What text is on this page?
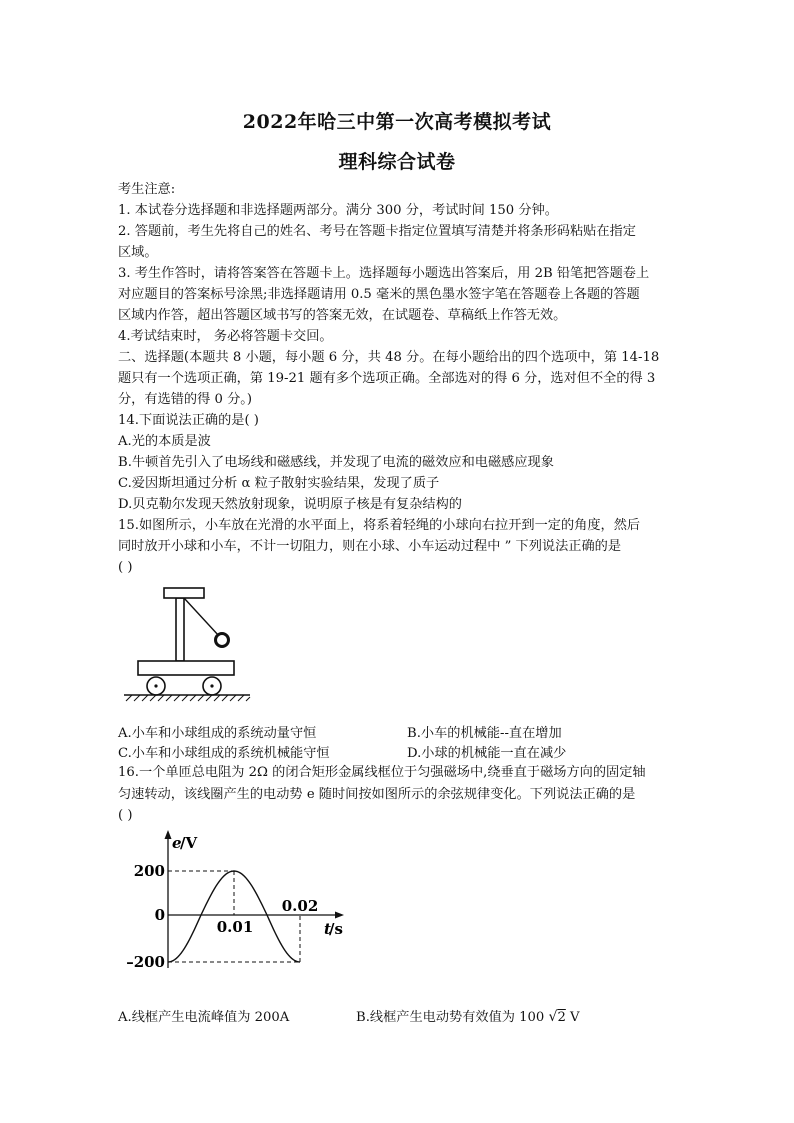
2022年哈三中第一次高考模拟考试
理科综合试卷
考生注意:
1. 本试卷分选择题和非选择题两部分。满分 300 分，考试时间 150 分钟。
2. 答题前，考生先将自己的姓名、考号在答题卡指定位置填写清楚并将条形码粘贴在指定
区域。
3. 考生作答时，请将答案答在答题卡上。选择题每小题选出答案后，用 2B 铅笔把答题卷上
对应题目的答案标号涂黑;非选择题请用 0.5 毫米的黑色墨水签字笔在答题卷上各题的答题
区域内作答，超出答题区域书写的答案无效，在试题卷、草稿纸上作答无效。
4.考试结束时， 务必将答题卡交回。
二、选择题(本题共 8 小题，每小题 6 分，共 48 分。在每小题给出的四个选项中，第 14-18
题只有一个选项正确，第 19-21 题有多个选项正确。全部选对的得 6 分，选对但不全的得 3
分，有选错的得 0 分。)
14.下面说法正确的是( )
A.光的本质是波
B.牛顿首先引入了电场线和磁感线，并发现了电流的磁效应和电磁感应现象
C.爱因斯坦通过分析 α 粒子散射实验结果，发现了质子
D.贝克勒尔发现天然放射现象，说明原子核是有复杂结构的
15.如图所示，小车放在光滑的水平面上，将系着轻绳的小球向右拉开到一定的角度，然后
同时放开小球和小车，不计一切阻力，则在小球、小车运动过程中 ” 下列说法正确的是
( )
A.小车和小球组成的系统动量守恒	B.小车的机械能--直在增加
C.小车和小球组成的系统机械能守恒	D.小球的机械能一直在减少
16.一个单匝总电阻为 2Ω 的闭合矩形金属线框位于匀强磁场中,绕垂直于磁场方向的固定轴
匀速转动，该线圈产生的电动势 e 随时间按如图所示的余弦规律变化。下列说法正确的是
( )
e
/V
200
0
–200
0.01
0.02
t
/s
A.线框产生电流峰值为 200A	B.线框产生电动势有效值为 100 √2 V
